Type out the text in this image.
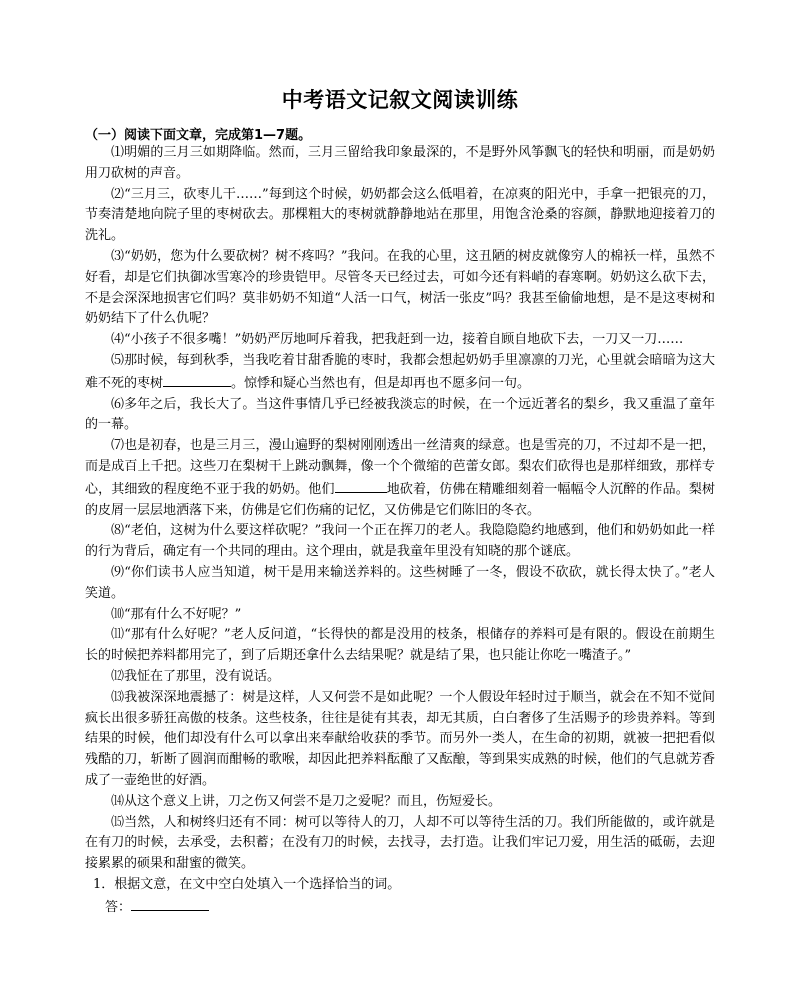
中考语文记叙文阅读训练
（一）阅读下面文章，完成第1—7题。

⑴明媚的三月三如期降临。然而，三月三留给我印象最深的，不是野外风筝飘飞的轻快和明丽，而是奶奶用刀砍树的声音。

⑵“三月三，砍枣儿干……”每到这个时候，奶奶都会这么低唱着，在凉爽的阳光中，手拿一把银亮的刀，节奏清楚地向院子里的枣树砍去。那棵粗大的枣树就静静地站在那里，用饱含沧桑的容颜，静默地迎接着刀的洗礼。

⑶“奶奶，您为什么要砍树？树不疼吗？”我问。在我的心里，这丑陋的树皮就像穷人的棉袄一样，虽然不好看，却是它们执御冰雪寒冷的珍贵铠甲。尽管冬天已经过去，可如今还有料峭的春寒啊。奶奶这么砍下去，不是会深深地损害它们吗？莫非奶奶不知道“人活一口气，树活一张皮”吗？我甚至偷偷地想，是不是这枣树和奶奶结下了什么仇呢？

⑷“小孩子不很多嘴！”奶奶严厉地呵斥着我，把我赶到一边，接着自顾自地砍下去，一刀又一刀……

⑸那时候，每到秋季，当我吃着甘甜香脆的枣时，我都会想起奶奶手里凛凛的刀光，心里就会暗暗为这大难不死的枣树	。惊悸和疑心当然也有，但是却再也不愿多问一句。

⑹多年之后，我长大了。当这件事情几乎已经被我淡忘的时候，在一个远近著名的梨乡，我又重温了童年的一幕。

⑺也是初春，也是三月三，漫山遍野的梨树刚刚透出一丝清爽的绿意。也是雪亮的刀，不过却不是一把，而是成百上千把。这些刀在梨树干上跳动飘舞，像一个个微缩的芭蕾女郎。梨农们砍得也是那样细致，那样专心，其细致的程度绝不亚于我的奶奶。他们	地砍着，仿佛在精雕细刻着一幅幅令人沉醉的作品。梨树的皮屑一层层地洒落下来，仿佛是它们伤痛的记忆，又仿佛是它们陈旧的冬衣。

⑻“老伯，这树为什么要这样砍呢？”我问一个正在挥刀的老人。我隐隐隐约地感到，他们和奶奶如此一样的行为背后，确定有一个共同的理由。这个理由，就是我童年里没有知晓的那个谜底。

⑼“你们读书人应当知道，树干是用来输送养料的。这些树睡了一冬，假设不砍砍，就长得太快了。”老人笑道。

⑽“那有什么不好呢？”

⑾“那有什么好呢？”老人反问道，“长得快的都是没用的枝条，根储存的养料可是有限的。假设在前期生长的时候把养料都用完了，到了后期还拿什么去结果呢？就是结了果，也只能让你吃一嘴渣子。”

⑿我怔在了那里，没有说话。

⒀我被深深地震撼了：树是这样，人又何尝不是如此呢？一个人假设年轻时过于顺当，就会在不知不觉间疯长出很多骄狂高傲的枝条。这些枝条，往往是徒有其表，却无其质，白白奢侈了生活赐予的珍贵养料。等到结果的时候，他们却没有什么可以拿出来奉献给收获的季节。而另外一类人，在生命的初期，就被一把把看似残酷的刀，斩断了圆润而酣畅的歌喉，却因此把养料酝酿了又酝酿，等到果实成熟的时候，他们的气息就芳香成了一壶绝世的好酒。

⒁从这个意义上讲，刀之伤又何尝不是刀之爱呢？而且，伤短爱长。

⒂当然，人和树终归还有不同：树可以等待人的刀，人却不可以等待生活的刀。我们所能做的，或许就是在有刀的时候，去承受，去积蓄；在没有刀的时候，去找寻，去打造。让我们牢记刀爱，用生活的砥砺，去迎接累累的硕果和甜蜜的微笑。

1．根据文意，在文中空白处填入一个选择恰当的词。

答：
